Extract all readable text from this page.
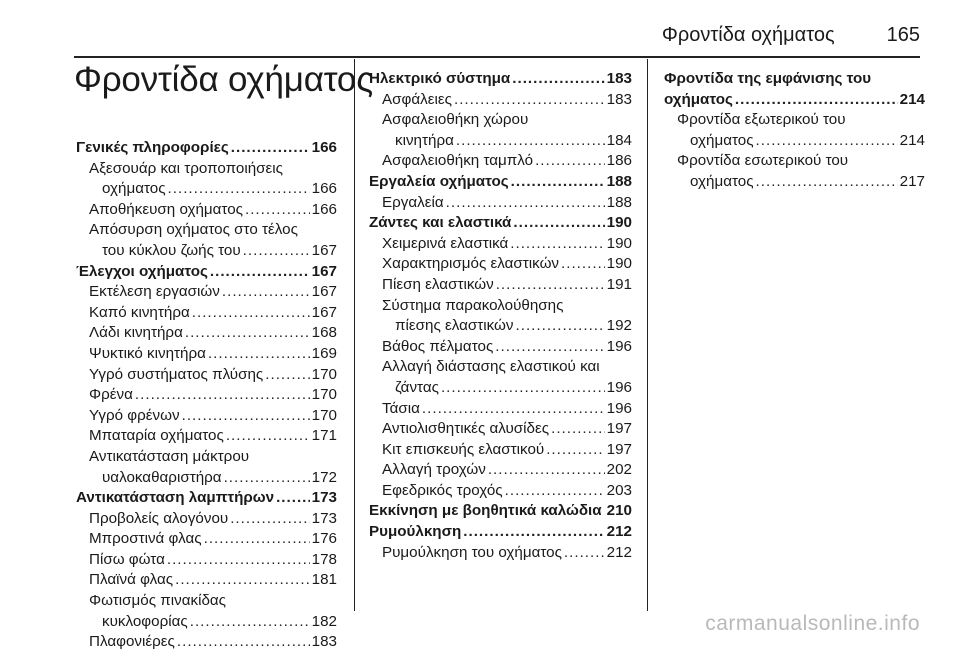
Φροντίδα οχήματος	165
Φροντίδα οχήματος
Γενικές πληροφορίες .....	166
Αξεσουάρ και τροποποιήσεις
οχήματος .....	166
Αποθήκευση οχήματος .....	166
Απόσυρση οχήματος στο τέλος
του κύκλου ζωής του .....	167
Έλεγχοι οχήματος .....	167
Εκτέλεση εργασιών .....	167
Καπό κινητήρα .....	167
Λάδι κινητήρα .....	168
Ψυκτικό κινητήρα .....	169
Υγρό συστήματος πλύσης .....	170
Φρένα .....	170
Υγρό φρένων .....	170
Μπαταρία οχήματος .....	171
Αντικατάσταση μάκτρου
υαλοκαθαριστήρα .....	172
Αντικατάσταση λαμπτήρων ..... 173
Προβολείς αλογόνου .....	173
Μπροστινά φλας .....	176
Πίσω φώτα .....	178
Πλαϊνά φλας .....	181
Φωτισμός πινακίδας
κυκλοφορίας .....	182
Πλαφονιέρες .....	183
Ηλεκτρικό σύστημα .....	183
Ασφάλειες .....	183
Ασφαλειοθήκη χώρου
κινητήρα .....	184
Ασφαλειοθήκη ταμπλό .....	186
Εργαλεία οχήματος .....	188
Εργαλεία .....	188
Ζάντες και ελαστικά .....	190
Χειμερινά ελαστικά .....	190
Χαρακτηρισμός ελαστικών .....	190
Πίεση ελαστικών .....	191
Σύστημα παρακολούθησης
πίεσης ελαστικών .....	192
Βάθος πέλματος .....	196
Αλλαγή διάστασης ελαστικού και
ζάντας .....	196
Τάσια .....	196
Αντιολισθητικές αλυσίδες .....	197
Κιτ επισκευής ελαστικού .....	197
Αλλαγή τροχών .....	202
Εφεδρικός τροχός .....	203
Εκκίνηση με βοηθητικά καλώδια 210
Ρυμούλκηση .....	212
Ρυμούλκηση του οχήματος .....	212
Φροντίδα της εμφάνισης του
οχήματος .....	214
Φροντίδα εξωτερικού του
οχήματος .....	214
Φροντίδα εσωτερικού του
οχήματος .....	217
carmanualsonline.info
